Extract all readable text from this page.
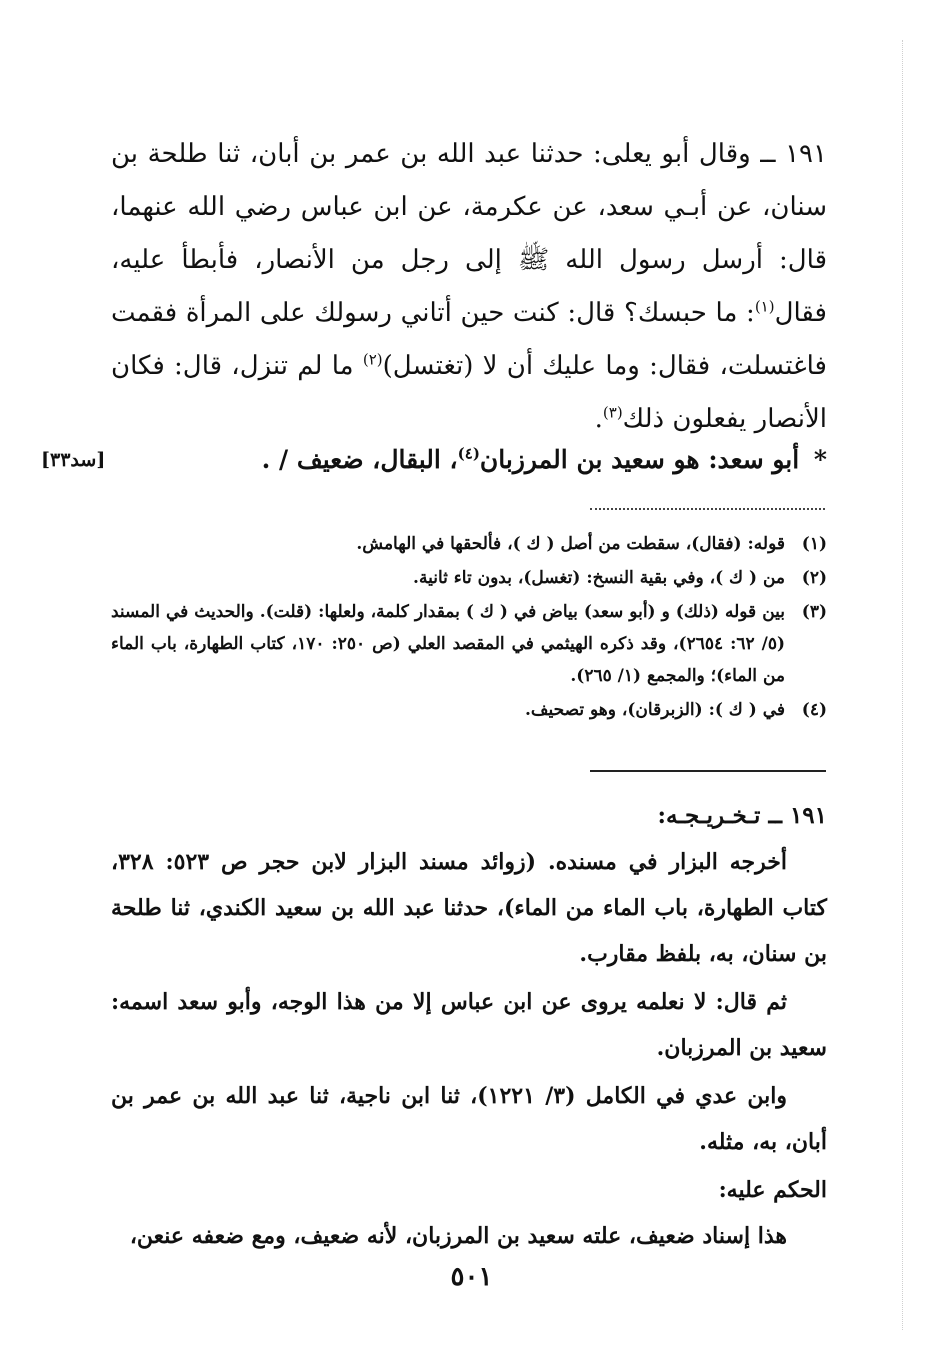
١٩١ ــ وقال أبو يعلى: حدثنا عبد الله بن عمر بن أبان، ثنا طلحة بن سنان، عن أبـي سعد، عن عكرمة، عن ابن عباس رضي الله عنهما، قال: أرسل رسول الله ﷺ إلى رجل من الأنصار، فأبطأ عليه، فقال$^{(١)}$: ما حبسك؟ قال: كنت حين أتاني رسولك على المرأة فقمت فاغتسلت، فقال: وما عليك أن لا (تغتسل)$^{(٢)}$ ما لم تنزل، قال: فكان الأنصار يفعلون ذلك$^{(٣)}$.

* أبو سعد: هو سعيد بن المرزبان$^{(٤)}$، البقال، ضعيف / .
[سد٣٣]
(١)
قوله: (فقال)، سقطت من أصل ( ك )، فألحقها في الهامش.
(٢)
من ( ك )، وفي بقية النسخ: (تغسل)، بدون تاء ثانية.
(٣)
بين قوله (ذلك) و (أبو سعد) بياض في ( ك ) بمقدار كلمة، ولعلها: (قلت). والحديث في المسند (٥/ ٦٢: ٢٦٥٤)، وقد ذكره الهيثمي في المقصد العلي (ص ٢٥٠: ١٧٠، كتاب الطهارة، باب الماء من الماء)؛ والمجمع (١/ ٢٦٥).
(٤)
في ( ك ): (الزبرقان)، وهو تصحيف.
١٩١ ــ تـخـريـجـه:

أخرجه البزار في مسنده. (زوائد مسند البزار لابن حجر ص ٥٢٣: ٣٢٨، كتاب الطهارة، باب الماء من الماء)، حدثنا عبد الله بن سعيد الكندي، ثنا طلحة بن سنان، به، بلفظ مقارب.

ثم قال: لا نعلمه يروى عن ابن عباس إلا من هذا الوجه، وأبو سعد اسمه: سعيد بن المرزبان.

وابن عدي في الكامل (٣/ ١٢٢١)، ثنا ابن ناجية، ثنا عبد الله بن عمر بن أبان، به، مثله.

الحكم عليه:

هذا إسناد ضعيف، علته سعيد بن المرزبان، لأنه ضعيف، ومع ضعفه عنعن،

٥٠١
